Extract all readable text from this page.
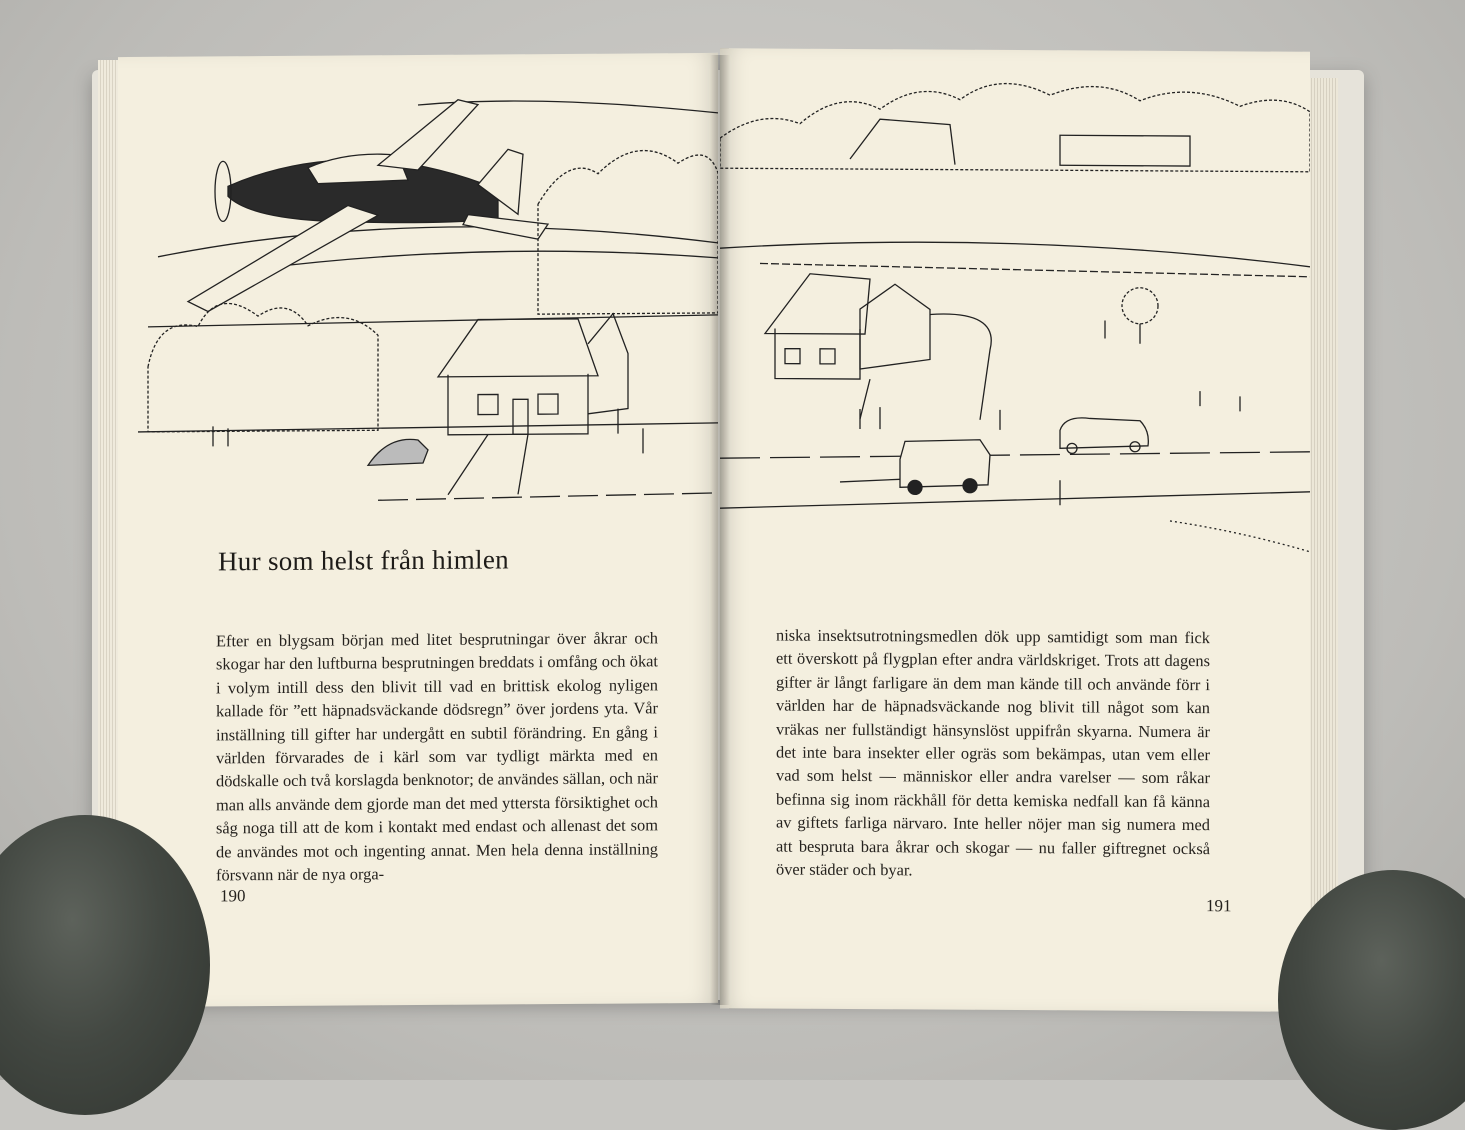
Hur som helst från himlen

Efter en blygsam början med litet besprutningar över åkrar och skogar har den luftburna besprutningen breddats i omfång och ökat i volym intill dess den blivit till vad en brittisk ekolog nyligen kallade för ”ett häpnadsväckande dödsregn” över jordens yta. Vår inställning till gifter har undergått en subtil förändring. En gång i världen förvarades de i kärl som var tydligt märkta med en dödskalle och två korslagda benknotor; de användes sällan, och när man alls använde dem gjorde man det med yttersta försiktighet och såg noga till att de kom i kontakt med endast och allenast det som de användes mot och ingenting annat. Men hela denna inställning försvann när de nya orga-

190

niska insektsutrotningsmedlen dök upp samtidigt som man fick ett överskott på flygplan efter andra världskriget. Trots att dagens gifter är långt farligare än dem man kände till och använde förr i världen har de häpnadsväckande nog blivit till något som kan vräkas ner fullständigt hänsynslöst uppifrån skyarna. Numera är det inte bara insekter eller ogräs som bekämpas, utan vem eller vad som helst — människor eller andra varelser — som råkar befinna sig inom räckhåll för detta kemiska nedfall kan få känna av giftets farliga närvaro. Inte heller nöjer man sig numera med att bespruta bara åkrar och skogar — nu faller giftregnet också över städer och byar.

191
